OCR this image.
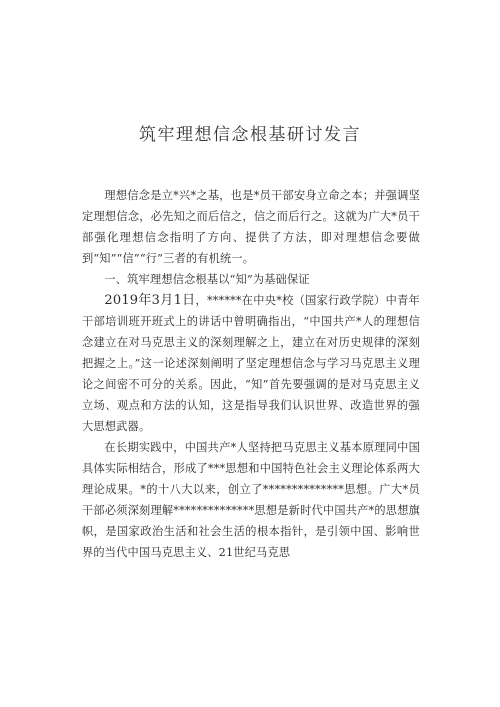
筑牢理想信念根基研讨发言

理想信念是立*兴*之基，也是*员干部安身立命之本；并强调坚定理想信念，必先知之而后信之，信之而后行之。这就为广大*员干部强化理想信念指明了方向、提供了方法，即对理想信念要做到“知”“信”“行”三者的有机统一。

一、筑牢理想信念根基以“知”为基础保证

2019年3月1日，******在中央*校（国家行政学院）中青年干部培训班开班式上的讲话中曾明确指出，“中国共产*人的理想信念建立在对马克思主义的深刻理解之上，建立在对历史规律的深刻把握之上。”这一论述深刻阐明了坚定理想信念与学习马克思主义理论之间密不可分的关系。因此，“知”首先要强调的是对马克思主义立场、观点和方法的认知，这是指导我们认识世界、改造世界的强大思想武器。

在长期实践中，中国共产*人坚持把马克思主义基本原理同中国具体实际相结合，形成了***思想和中国特色社会主义理论体系两大理论成果。*的十八大以来，创立了**************思想。广大*员干部必须深刻理解**************思想是新时代中国共产*的思想旗帜，是国家政治生活和社会生活的根本指针，是引领中国、影响世界的当代中国马克思主义、21世纪马克思
